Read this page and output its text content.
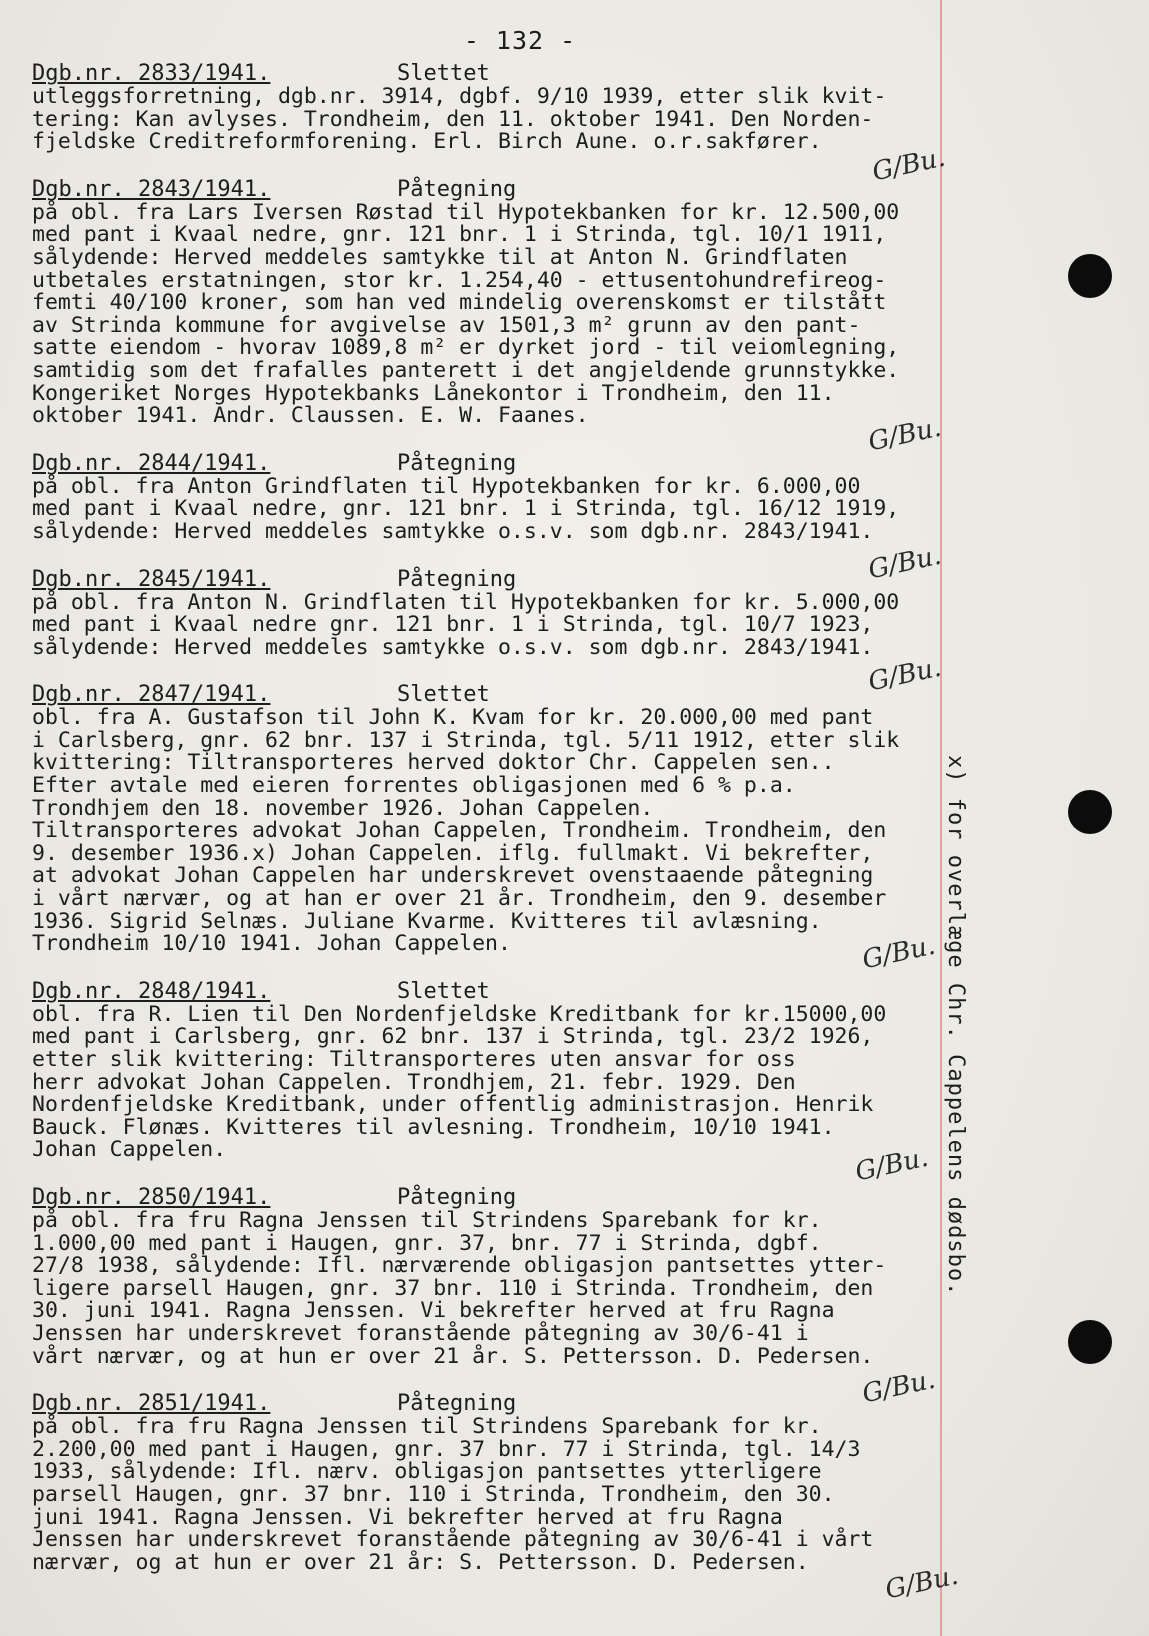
- 132 -
x) for overlæge Chr. Cappelens dødsbo.
Dgb.nr. 2833/1941.	Slettet
utleggsforretning, dgb.nr. 3914, dgbf. 9/10 1939, etter slik kvit-
tering: Kan avlyses. Trondheim, den 11. oktober 1941. Den Norden-
fjeldske Creditreformforening. Erl. Birch Aune. o.r.sakfører.
Dgb.nr. 2843/1941.	Påtegning
på obl. fra Lars Iversen Røstad til Hypotekbanken for kr. 12.500,00
med pant i Kvaal nedre, gnr. 121 bnr. 1 i Strinda, tgl. 10/1 1911,
sålydende: Herved meddeles samtykke til at Anton N. Grindflaten
utbetales erstatningen, stor kr. 1.254,40 - ettusentohundrefireog-
femti 40/100 kroner, som han ved mindelig overenskomst er tilstått
av Strinda kommune for avgivelse av 1501,3 m² grunn av den pant-
satte eiendom - hvorav 1089,8 m² er dyrket jord - til veiomlegning,
samtidig som det frafalles panterett i det angjeldende grunnstykke.
Kongeriket Norges Hypotekbanks Lånekontor i Trondheim, den 11.
oktober 1941. Andr. Claussen. E. W. Faanes.
Dgb.nr. 2844/1941.	Påtegning
på obl. fra Anton Grindflaten til Hypotekbanken for kr. 6.000,00
med pant i Kvaal nedre, gnr. 121 bnr. 1 i Strinda, tgl. 16/12 1919,
sålydende: Herved meddeles samtykke o.s.v. som dgb.nr. 2843/1941.
Dgb.nr. 2845/1941.	Påtegning
på obl. fra Anton N. Grindflaten til Hypotekbanken for kr. 5.000,00
med pant i Kvaal nedre gnr. 121 bnr. 1 i Strinda, tgl. 10/7 1923,
sålydende: Herved meddeles samtykke o.s.v. som dgb.nr. 2843/1941.
Dgb.nr. 2847/1941.	Slettet
obl. fra A. Gustafson til John K. Kvam for kr. 20.000,00 med pant
i Carlsberg, gnr. 62 bnr. 137 i Strinda, tgl. 5/11 1912, etter slik
kvittering: Tiltransporteres herved doktor Chr. Cappelen sen..
Efter avtale med eieren forrentes obligasjonen med 6 % p.a.
Trondhjem den 18. november 1926. Johan Cappelen.
Tiltransporteres advokat Johan Cappelen, Trondheim. Trondheim, den
9. desember 1936.x) Johan Cappelen. iflg. fullmakt. Vi bekrefter,
at advokat Johan Cappelen har underskrevet ovenstaaende påtegning
i vårt nærvær, og at han er over 21 år. Trondheim, den 9. desember
1936. Sigrid Selnæs. Juliane Kvarme. Kvitteres til avlæsning.
Trondheim 10/10 1941. Johan Cappelen.
Dgb.nr. 2848/1941.	Slettet
obl. fra R. Lien til Den Nordenfjeldske Kreditbank for kr.15000,00
med pant i Carlsberg, gnr. 62 bnr. 137 i Strinda, tgl. 23/2 1926,
etter slik kvittering: Tiltransporteres uten ansvar for oss
herr advokat Johan Cappelen. Trondhjem, 21. febr. 1929. Den
Nordenfjeldske Kreditbank, under offentlig administrasjon. Henrik
Bauck. Flønæs. Kvitteres til avlesning. Trondheim, 10/10 1941.
Johan Cappelen.
Dgb.nr. 2850/1941.	Påtegning
på obl. fra fru Ragna Jenssen til Strindens Sparebank for kr.
1.000,00 med pant i Haugen, gnr. 37, bnr. 77 i Strinda, dgbf.
27/8 1938, sålydende: Ifl. nærværende obligasjon pantsettes ytter-
ligere parsell Haugen, gnr. 37 bnr. 110 i Strinda. Trondheim, den
30. juni 1941. Ragna Jenssen. Vi bekrefter herved at fru Ragna
Jenssen har underskrevet foranstående påtegning av 30/6-41 i
vårt nærvær, og at hun er over 21 år. S. Pettersson. D. Pedersen.
Dgb.nr. 2851/1941.	Påtegning
på obl. fra fru Ragna Jenssen til Strindens Sparebank for kr.
2.200,00 med pant i Haugen, gnr. 37 bnr. 77 i Strinda, tgl. 14/3
1933, sålydende: Ifl. nærv. obligasjon pantsettes ytterligere
parsell Haugen, gnr. 37 bnr. 110 i Strinda, Trondheim, den 30.
juni 1941. Ragna Jenssen. Vi bekrefter herved at fru Ragna
Jenssen har underskrevet foranstående påtegning av 30/6-41 i vårt
nærvær, og at hun er over 21 år: S. Pettersson. D. Pedersen.
G/Bu.
G/Bu.
G/Bu.
G/Bu.
G/Bu.
G/Bu.
G/Bu.
G/Bu.
